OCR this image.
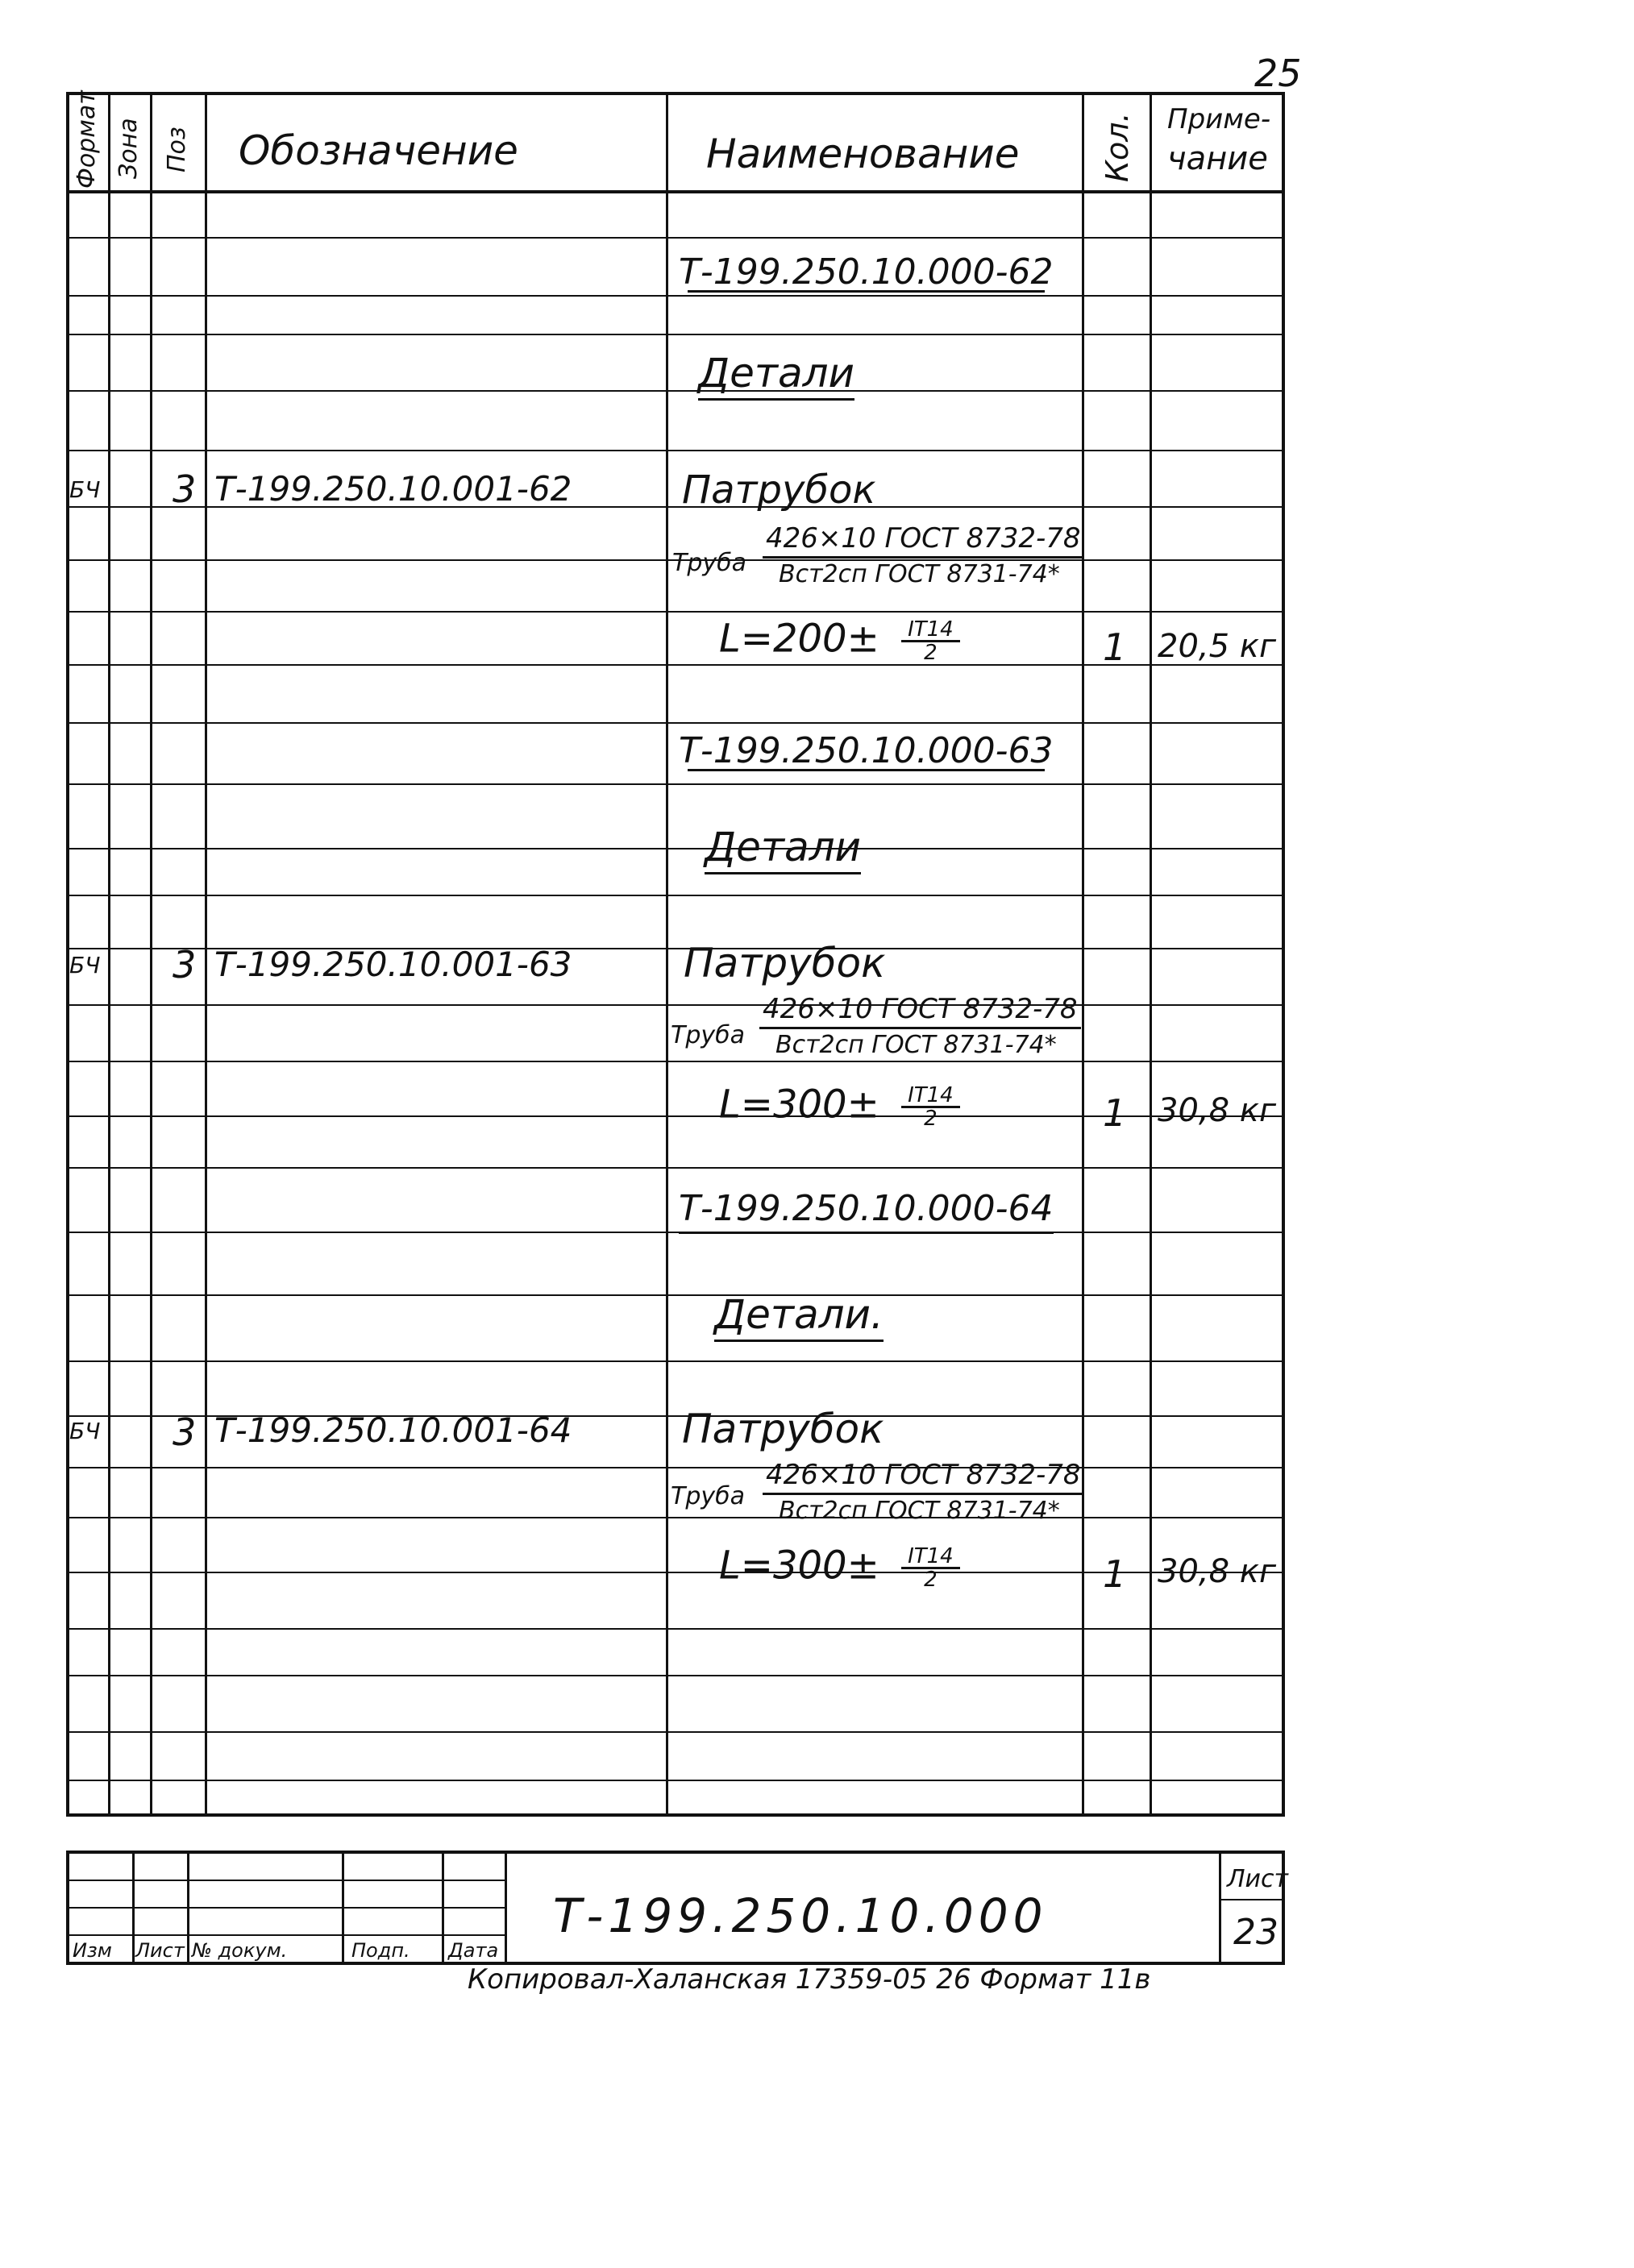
25
Формат Зона Поз Обозначение	Наименование	Кол. Приме-
чание
Т-199.250.10.000-62
Детали
БЧ 3 Т-199.250.10.001-62	Патрубок
Труба
426×10 ГОСТ 8732-78
Вст2сп ГОСТ 8731-74*
$L=200\pm \frac{IT14}{2}$	1 20,5 кг
Т-199.250.10.000-63
Детали
БЧ 3 Т-199.250.10.001-63	Патрубок
Труба
426×10 ГОСТ 8732-78
Вст2сп ГОСТ 8731-74*
$L=300\pm \frac{IT14}{2}$	1 30,8 кг
Т-199.250.10.000-64
Детали.
БЧ 3 Т-199.250.10.001-64	Патрубок
Труба
426×10 ГОСТ 8732-78
Вст2сп ГОСТ 8731-74*
$L=300\pm \frac{IT14}{2}$	1 30,8 кг
Изм Лист № докум.	Подп. Дата
Т-199.250.10.000
Лист
23
Копировал-Халанская 17359-05 26 Формат 11в
